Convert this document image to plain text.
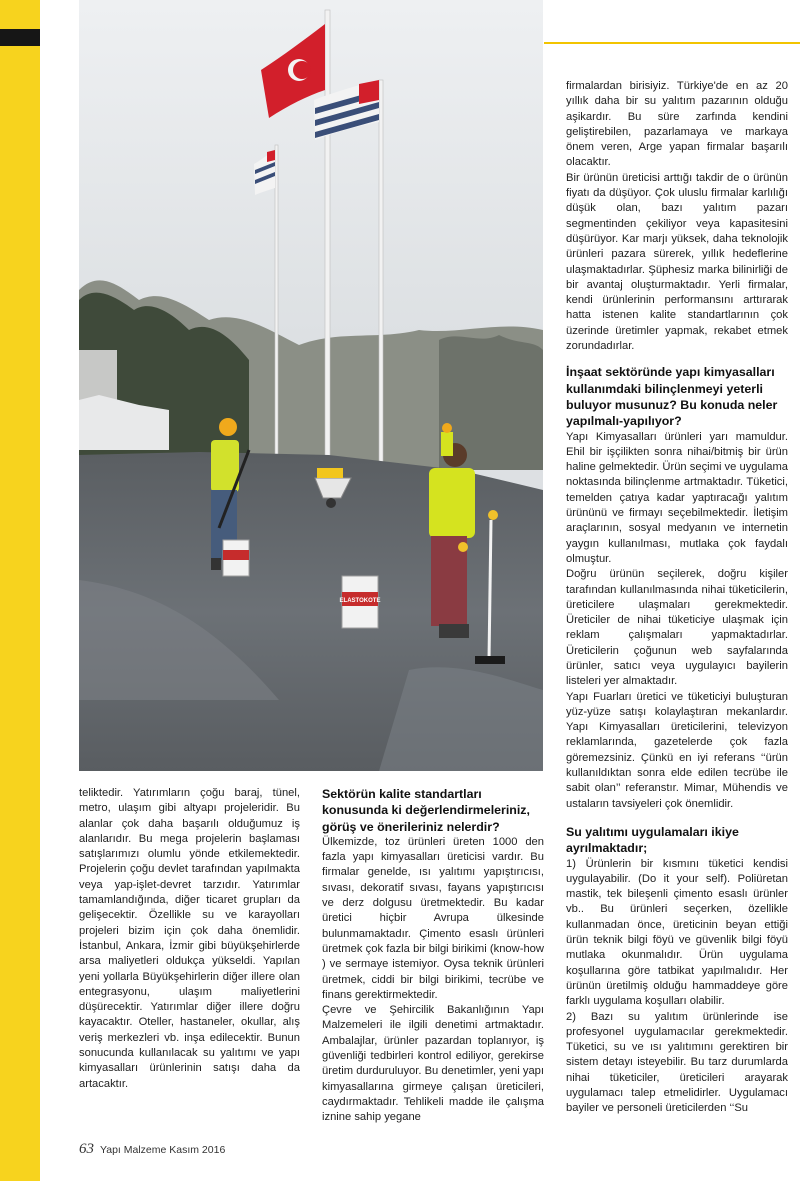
ELASTOKOTE

teliktedir. Yatırımların çoğu baraj, tünel, metro, ulaşım gibi altyapı projeleridir. Bu alanlar çok daha başarılı olduğumuz iş alanlarıdır. Bu mega projelerin başlaması satışlarımızı olumlu yönde etkilemektedir. Projelerin çoğu devlet tarafından yapılmakta veya yap-işlet-devret tarzıdır. Yatırımlar tamamlandığında, diğer ticaret grupları da gelişecektir. Özellikle su ve karayolları projeleri bizim için çok daha önemlidir. İstanbul, Ankara, İzmir gibi büyükşehirlerde arsa maliyetleri oldukça yükseldi. Yapılan yeni yollarla Büyükşehirlerin diğer illere olan entegrasyonu, ulaşım maliyetlerini düşürecektir. Yatırımlar diğer illere doğru kayacaktır. Oteller, hastaneler, okullar, alış veriş merkezleri vb. inşa edilecektir. Bunun sonucunda kullanılacak su yalıtımı ve yapı kimyasalları ürünlerinin satışı daha da artacaktır.

Sektörün kalite standartları konusunda ki değerlendirmeleriniz, görüş ve önerileriniz nelerdir?

Ülkemizde, toz ürünleri üreten 1000 den fazla yapı kimyasalları üreticisi vardır. Bu firmalar genelde, ısı yalıtımı yapıştırıcısı, sıvası, dekoratif sıvası, fayans yapıştırıcısı ve derz dolgusu üretmektedir. Bu kadar üretici hiçbir Avrupa ülkesinde bulunmamaktadır. Çimento esaslı ürünleri üretmek çok fazla bir bilgi birikimi (know-how ) ve sermaye istemiyor. Oysa teknik ürünleri üretmek, ciddi bir bilgi birikimi, tecrübe ve finans gerektirmektedir.

Çevre ve Şehircilik Bakanlığının Yapı Malzemeleri ile ilgili denetimi artmaktadır. Ambalajlar, ürünler pazardan toplanıyor, iş güvenliği tedbirleri kontrol ediliyor, gerekirse üretim durduruluyor. Bu denetimler, yeni yapı kimyasallarına girmeye çalışan üreticileri, caydırmaktadır. Tehlikeli madde ile çalışma iznine sahip yegane

firmalardan birisiyiz. Türkiye'de en az 20 yıllık daha bir su yalıtım pazarının olduğu aşikardır. Bu süre zarfında kendini geliştirebilen, pazarlamaya ve markaya önem veren, Arge yapan firmalar başarılı olacaktır.

Bir ürünün üreticisi arttığı takdir de o ürünün fiyatı da düşüyor. Çok uluslu firmalar karlılığı düşük olan, bazı yalıtım pazarı segmentinden çekiliyor veya kapasitesini düşürüyor. Kar marjı yüksek, daha teknolojik ürünleri pazara sürerek, yıllık hedeflerine ulaşmaktadırlar. Şüphesiz marka bilinirliği de bir avantaj oluşturmaktadır. Yerli firmalar, kendi ürünlerinin performansını arttırarak hatta istenen kalite standartlarının çok üzerinde üretimler yapmak, rekabet etmek zorundadırlar.

İnşaat sektöründe yapı kimyasalları kullanımdaki bilinçlenmeyi yeterli buluyor musunuz? Bu konuda neler yapılmalı-yapılıyor?

Yapı Kimyasalları ürünleri yarı mamuldur. Ehil bir işçilikten sonra nihai/bitmiş bir ürün haline gelmektedir. Ürün seçimi ve uygulama noktasında bilinçlenme artmaktadır. Tüketici, temelden çatıya kadar yaptıracağı yalıtım ürününü ve firmayı seçebilmektedir. İletişim araçlarının, sosyal medyanın ve internetin yaygın kullanılması, mutlaka çok faydalı olmuştur.

Doğru ürünün seçilerek, doğru kişiler tarafından kullanılmasında nihai tüketicilerin, üreticilere ulaşmaları gerekmektedir. Üreticiler de nihai tüketiciye ulaşmak için reklam çalışmaları yapmaktadırlar. Üreticilerin çoğunun web sayfalarında ürünler, satıcı veya uygulayıcı bayilerin listeleri yer almaktadır.

Yapı Fuarları üretici ve tüketiciyi buluşturan yüz-yüze satışı kolaylaştıran mekanlardır. Yapı Kimyasalları üreticilerini, televizyon reklamlarında, gazetelerde çok fazla göremezsiniz. Çünkü en iyi referans ‘‘ürün kullanıldıktan sonra elde edilen tecrübe ile sabit olan’’ referanstır. Mimar, Mühendis ve ustaların tavsiyeleri çok önemlidir.

Su yalıtımı uygulamaları ikiye ayrılmaktadır;

1) Ürünlerin bir kısmını tüketici kendisi uygulayabilir. (Do it your self). Poliüretan mastik, tek bileşenli çimento esaslı ürünler vb.. Bu ürünleri seçerken, özellikle kullanmadan önce, üreticinin beyan ettiği ürün teknik bilgi föyü ve güvenlik bilgi föyü mutlaka okunmalıdır. Ürün uygulama koşullarına göre tatbikat yapılmalıdır. Her ürünün üretilmiş olduğu hammaddeye göre farklı uygulama koşulları olabilir.

2) Bazı su yalıtım ürünlerinde ise profesyonel uygulamacılar gerekmektedir. Tüketici, su ve ısı yalıtımını gerektiren bir sistem detayı isteyebilir. Bu tarz durumlarda nihai tüketiciler, üreticileri arayarak uygulamacı talep etmelidirler. Uygulamacı bayiler ve personeli üreticilerden ‘‘Su

63 Yapı Malzeme Kasım 2016
